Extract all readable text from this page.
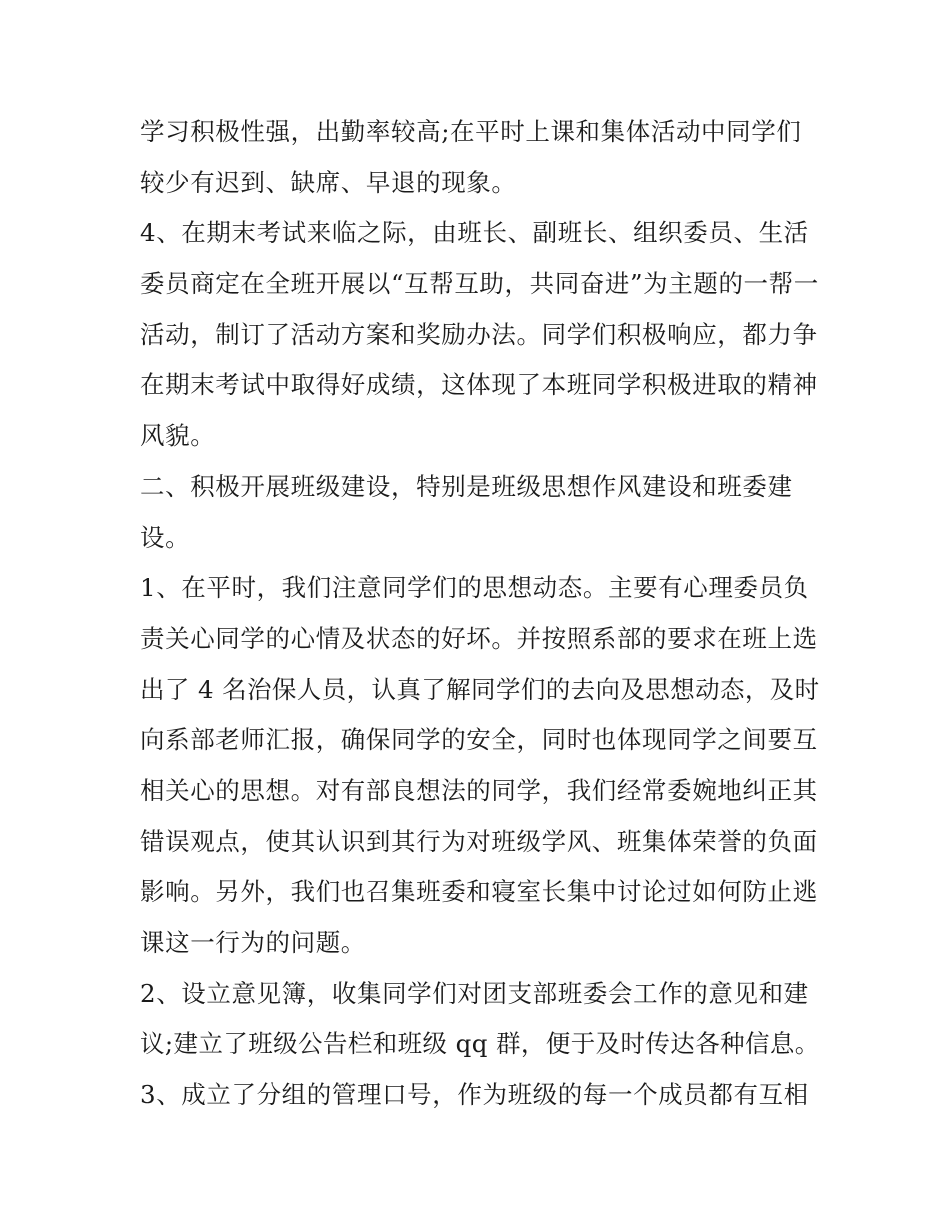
学习积极性强，出勤率较高;在平时上课和集体活动中同学们
较少有迟到、缺席、早退的现象。
4、在期末考试来临之际，由班长、副班长、组织委员、生活
委员商定在全班开展以“互帮互助，共同奋进”为主题的一帮一
活动，制订了活动方案和奖励办法。同学们积极响应，都力争
在期末考试中取得好成绩，这体现了本班同学积极进取的精神
风貌。
二、积极开展班级建设，特别是班级思想作风建设和班委建
设。
1、在平时，我们注意同学们的思想动态。主要有心理委员负
责关心同学的心情及状态的好坏。并按照系部的要求在班上选
出了 4 名治保人员，认真了解同学们的去向及思想动态，及时
向系部老师汇报，确保同学的安全，同时也体现同学之间要互
相关心的思想。对有部良想法的同学，我们经常委婉地纠正其
错误观点，使其认识到其行为对班级学风、班集体荣誉的负面
影响。另外，我们也召集班委和寝室长集中讨论过如何防止逃
课这一行为的问题。
2、设立意见簿，收集同学们对团支部班委会工作的意见和建
议;建立了班级公告栏和班级 qq 群，便于及时传达各种信息。
3、成立了分组的管理口号，作为班级的每一个成员都有互相
